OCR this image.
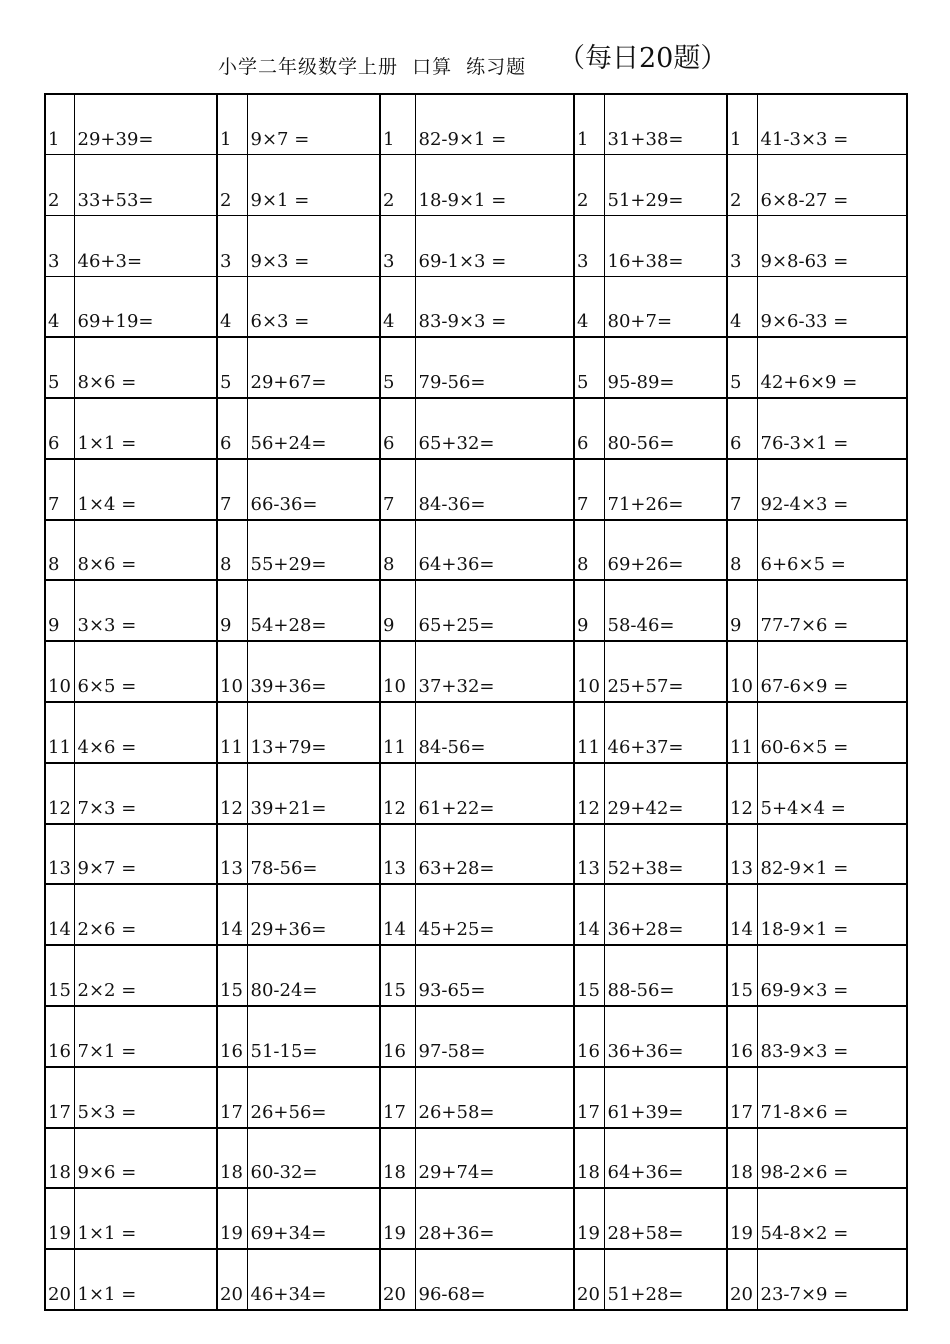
小学二年级数学上册  口算  练习题 （每日20题）
1	29+39=	1	9×7 =	1	82-9×1 =	1	31+38=	1	41-3×3 =
2	33+53=	2	9×1 =	2	18-9×1 =	2	51+29=	2	6×8-27 =
3	46+3=	3	9×3 =	3	69-1×3 =	3	16+38=	3	9×8-63 =
4	69+19=	4	6×3 =	4	83-9×3 =	4	80+7=	4	9×6-33 =
5	8×6 =	5	29+67=	5	79-56=	5	95-89=	5	42+6×9 =
6	1×1 =	6	56+24=	6	65+32=	6	80-56=	6	76-3×1 =
7	1×4 =	7	66-36=	7	84-36=	7	71+26=	7	92-4×3 =
8	8×6 =	8	55+29=	8	64+36=	8	69+26=	8	6+6×5 =
9	3×3 =	9	54+28=	9	65+25=	9	58-46=	9	77-7×6 =
10	6×5 =	10	39+36=	10	37+32=	10	25+57=	10	67-6×9 =
11	4×6 =	11	13+79=	11	84-56=	11	46+37=	11	60-6×5 =
12	7×3 =	12	39+21=	12	61+22=	12	29+42=	12	5+4×4 =
13	9×7 =	13	78-56=	13	63+28=	13	52+38=	13	82-9×1 =
14	2×6 =	14	29+36=	14	45+25=	14	36+28=	14	18-9×1 =
15	2×2 =	15	80-24=	15	93-65=	15	88-56=	15	69-9×3 =
16	7×1 =	16	51-15=	16	97-58=	16	36+36=	16	83-9×3 =
17	5×3 =	17	26+56=	17	26+58=	17	61+39=	17	71-8×6 =
18	9×6 =	18	60-32=	18	29+74=	18	64+36=	18	98-2×6 =
19	1×1 =	19	69+34=	19	28+36=	19	28+58=	19	54-8×2 =
20	1×1 =	20	46+34=	20	96-68=	20	51+28=	20	23-7×9 =
